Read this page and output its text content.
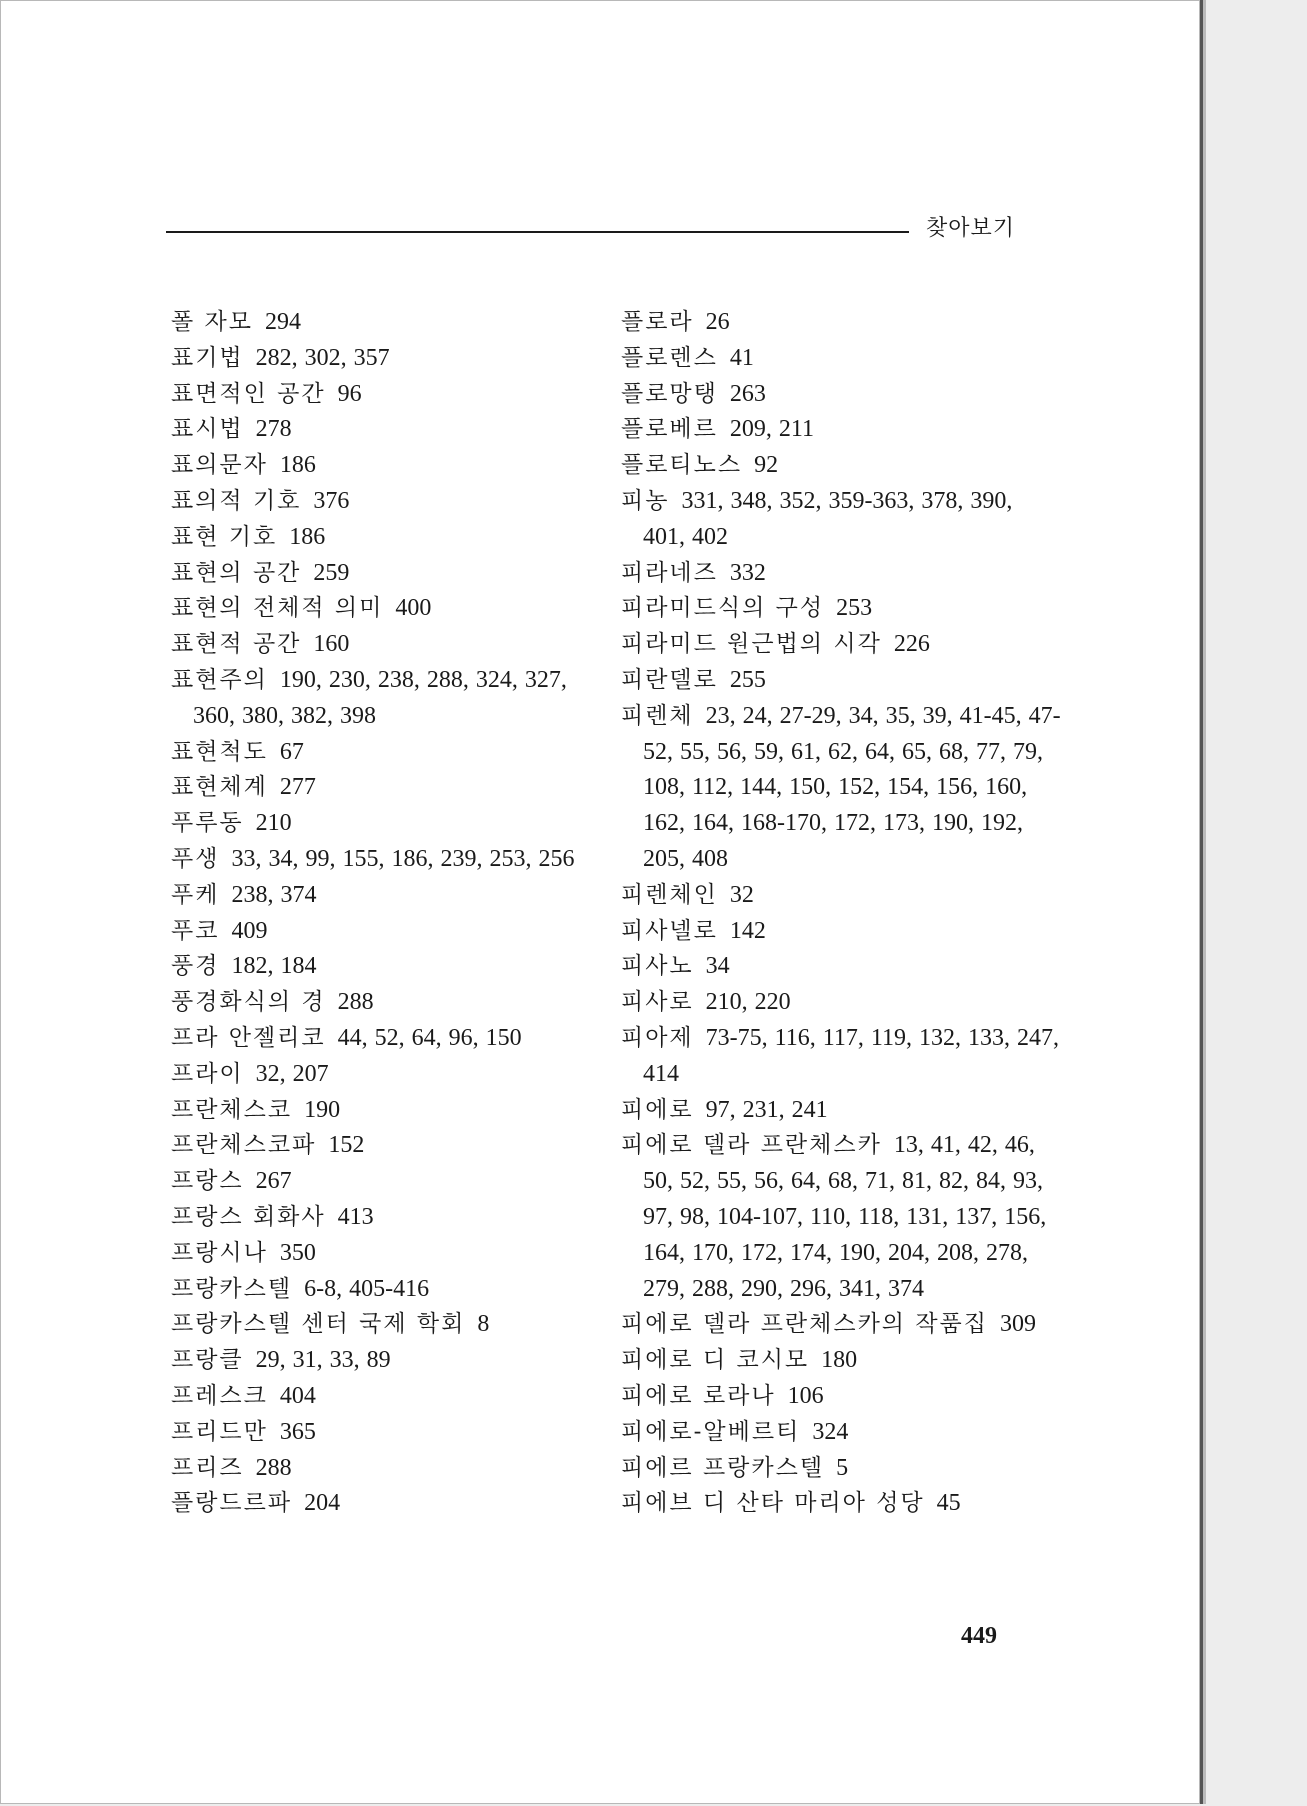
찾아보기
폴 자모 294
표기법 282, 302, 357
표면적인 공간 96
표시법 278
표의문자 186
표의적 기호 376
표현 기호 186
표현의 공간 259
표현의 전체적 의미 400
표현적 공간 160
표현주의 190, 230, 238, 288, 324, 327, 360, 380, 382, 398
표현척도 67
표현체계 277
푸루동 210
푸생 33, 34, 99, 155, 186, 239, 253, 256
푸케 238, 374
푸코 409
풍경 182, 184
풍경화식의 경 288
프라 안젤리코 44, 52, 64, 96, 150
프라이 32, 207
프란체스코 190
프란체스코파 152
프랑스 267
프랑스 회화사 413
프랑시나 350
프랑카스텔 6-8, 405-416
프랑카스텔 센터 국제 학회 8
프랑클 29, 31, 33, 89
프레스크 404
프리드만 365
프리즈 288
플랑드르파 204
플로라 26
플로렌스 41
플로망탱 263
플로베르 209, 211
플로티노스 92
피농 331, 348, 352, 359-363, 378, 390, 401, 402
피라네즈 332
피라미드식의 구성 253
피라미드 원근법의 시각 226
피란델로 255
피렌체 23, 24, 27-29, 34, 35, 39, 41-45, 47-52, 55, 56, 59, 61, 62, 64, 65, 68, 77, 79, 108, 112, 144, 150, 152, 154, 156, 160, 162, 164, 168-170, 172, 173, 190, 192, 205, 408
피렌체인 32
피사넬로 142
피사노 34
피사로 210, 220
피아제 73-75, 116, 117, 119, 132, 133, 247, 414
피에로 97, 231, 241
피에로 델라 프란체스카 13, 41, 42, 46, 50, 52, 55, 56, 64, 68, 71, 81, 82, 84, 93, 97, 98, 104-107, 110, 118, 131, 137, 156, 164, 170, 172, 174, 190, 204, 208, 278, 279, 288, 290, 296, 341, 374
피에로 델라 프란체스카의 작품집 309
피에로 디 코시모 180
피에로 로라나 106
피에로-알베르티 324
피에르 프랑카스텔 5
피에브 디 산타 마리아 성당 45
449
